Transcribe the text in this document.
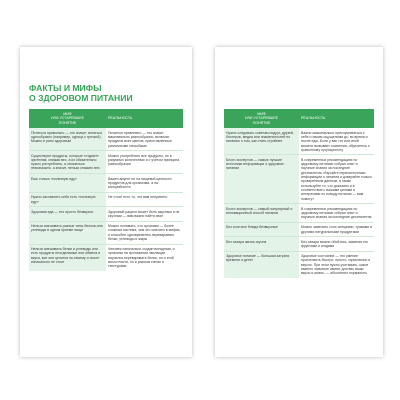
ФАКТЫ И МИФЫ
О ЗДОРОВОМ ПИТАНИИ
МИФ
ИЛИ УСТАРЕВШЕЕ
ПОНЯТИЕ	РЕАЛЬНОСТЬ
Питаться правильно — это значит питаться однообразно (например, курица с гречкой). Можно и рано здоровым	Питаться правильно — это значит максимально разнообразно, включая продукты всех цветов, приготовленные различными способами
Существуют продукты, которые «отдают» зрителям, снижая вес, а их обязательно нужно употреблять, а отказаться невозможно, а значит, нельзя снижать вес	Можно употреблять все продукты, но в разумных количествах и с учетом принципа разнообразия
Ешь только «полезную еду»	Важен акцент не на пищевой ценности продуктов для организма, а на калорийности
Нужно заставлять себя есть «полезную еду»	Не стоит есть то, что вам неприятно
Здоровая еда — это просто безвкусно	Здоровый рацион может быть вкусным и не скучным — вам важно найти свое
Нельзя смешивать разные типы белков или углеводы в одном приеме пищи	Можно понимать, что организм — более сложная система, чем это описано в мифах, и способен одновременно переваривать белки, углеводы и жиры
Нельзя смешивать белки и углеводы или есть продукты неотделимые или обмена и вкуса, все они ценятся по-своему и после изначально не стоит	Человек изначально создан всеядным, и организм на протяжении эволюции научился переваривать белки, но и этой кислотности, но и разным типом и текстурами
МИФ
ИЛИ УСТАРЕВШЕЕ
ПОНЯТИЕ	РЕАЛЬНОСТЬ
Нужно следовать советам подруг, друзей, блогеров, медиа или знаменитостей по питанию о том, как стать стройнее	Важно максимально прислушиваться к себе и своим ощущениям до, во время и после еды. Если у вас тот или иной момент вызывает сомнения, обратитесь к грамотному нутрициологу
Блоги экспертов — самые лучшие источники информации о здоровом питании	В современных рекомендациях по здоровому питанию собран опыт и научные знания за последние десятилетия. Изучайте первоисточники информации о питании и доверяйте только проверенным данным, а также используйте то, что доказано и в соответствии с вашими целями и интересами по поводу питания — вам помогут
Блоги экспертов — самый популярный и инновационный способ питания	В современных рекомендациях по здоровому питанию собран опыт и научные знания за последние десятилетия
Без соли все блюда безвкусные	Можно заменять соль специями, травами и другими натуральными продуктами
Без сахара жизнь скучна	Без сахара можно обойтись, заменяя его фруктами и ягодами
Здоровое питание — большая затрата времени и денег	Здоровое состояние — это умение приготовить быстро, просто, гармонично и вкусно. При этом нужно учитывать, какое именно значение имеют для вас ваши вкусы и жизнь, — абсолютно нормально
